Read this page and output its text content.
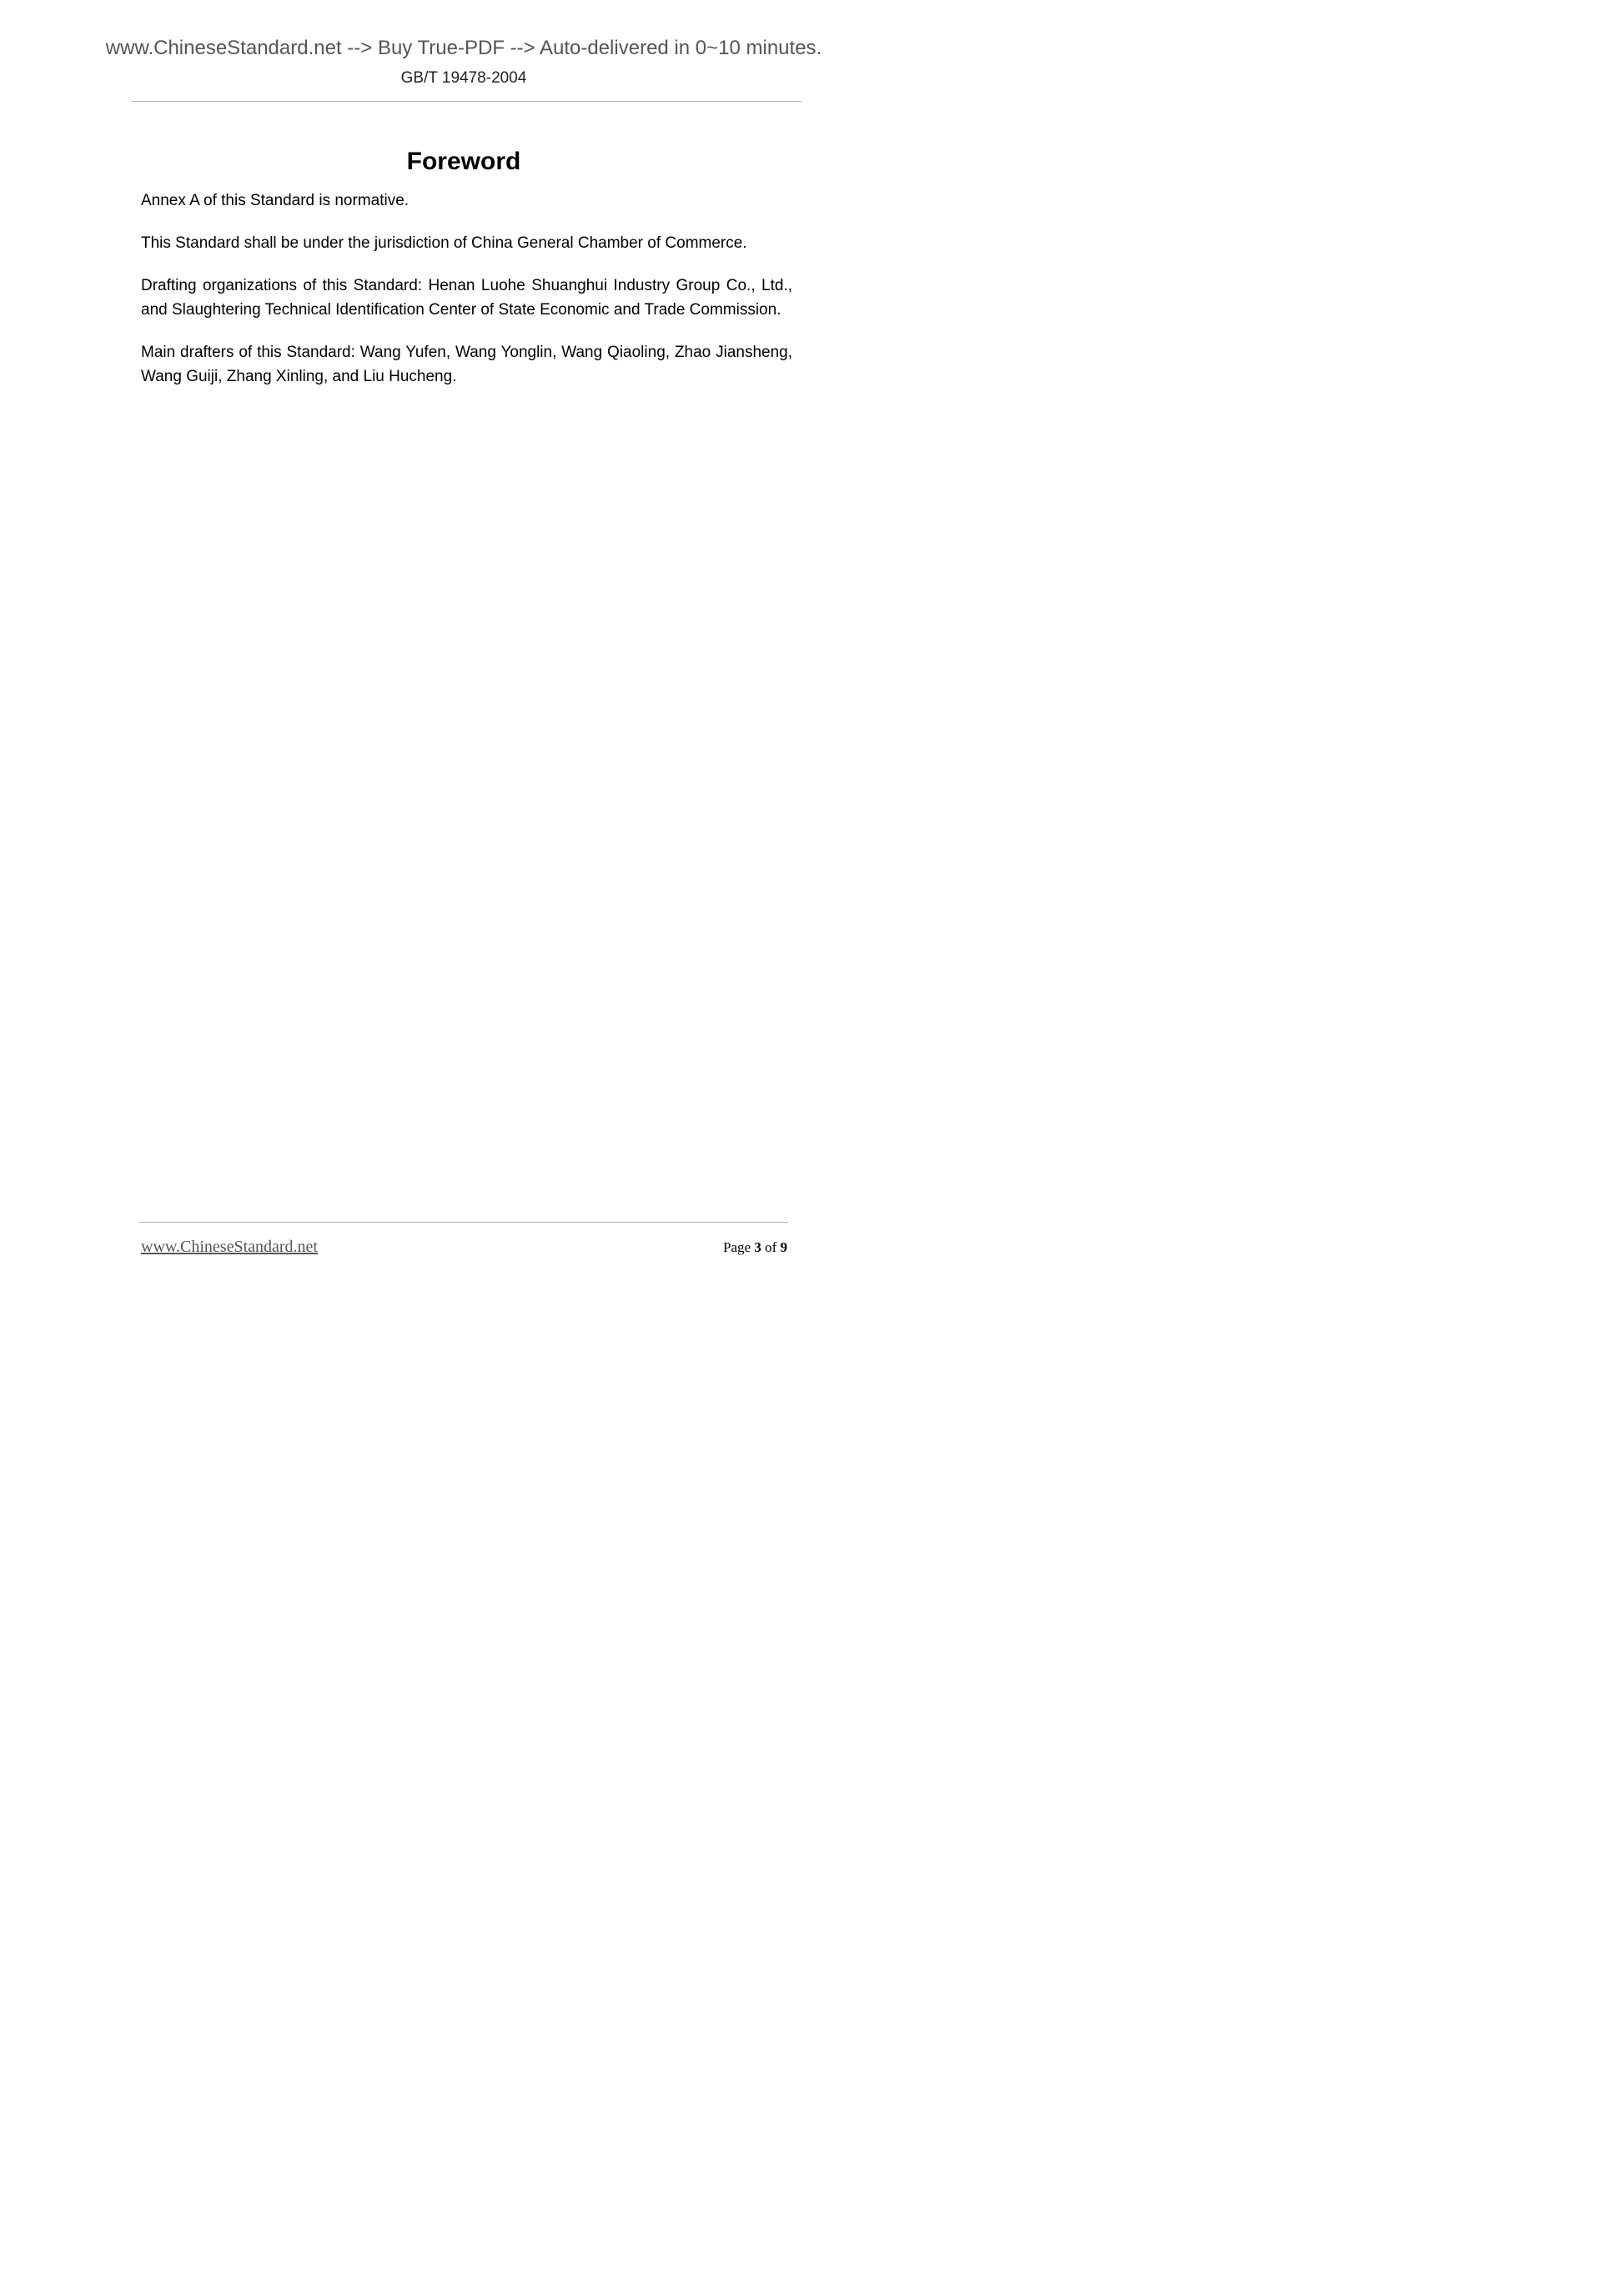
www.ChineseStandard.net --> Buy True-PDF --> Auto-delivered in 0~10 minutes.
GB/T 19478-2004
Foreword

Annex A of this Standard is normative.

This Standard shall be under the jurisdiction of China General Chamber of Commerce.

Drafting organizations of this Standard: Henan Luohe Shuanghui Industry Group Co., Ltd., and Slaughtering Technical Identification Center of State Economic and Trade Commission.

Main drafters of this Standard: Wang Yufen, Wang Yonglin, Wang Qiaoling, Zhao Jiansheng, Wang Guiji, Zhang Xinling, and Liu Hucheng.

www.ChineseStandard.net	Page 3 of 9
